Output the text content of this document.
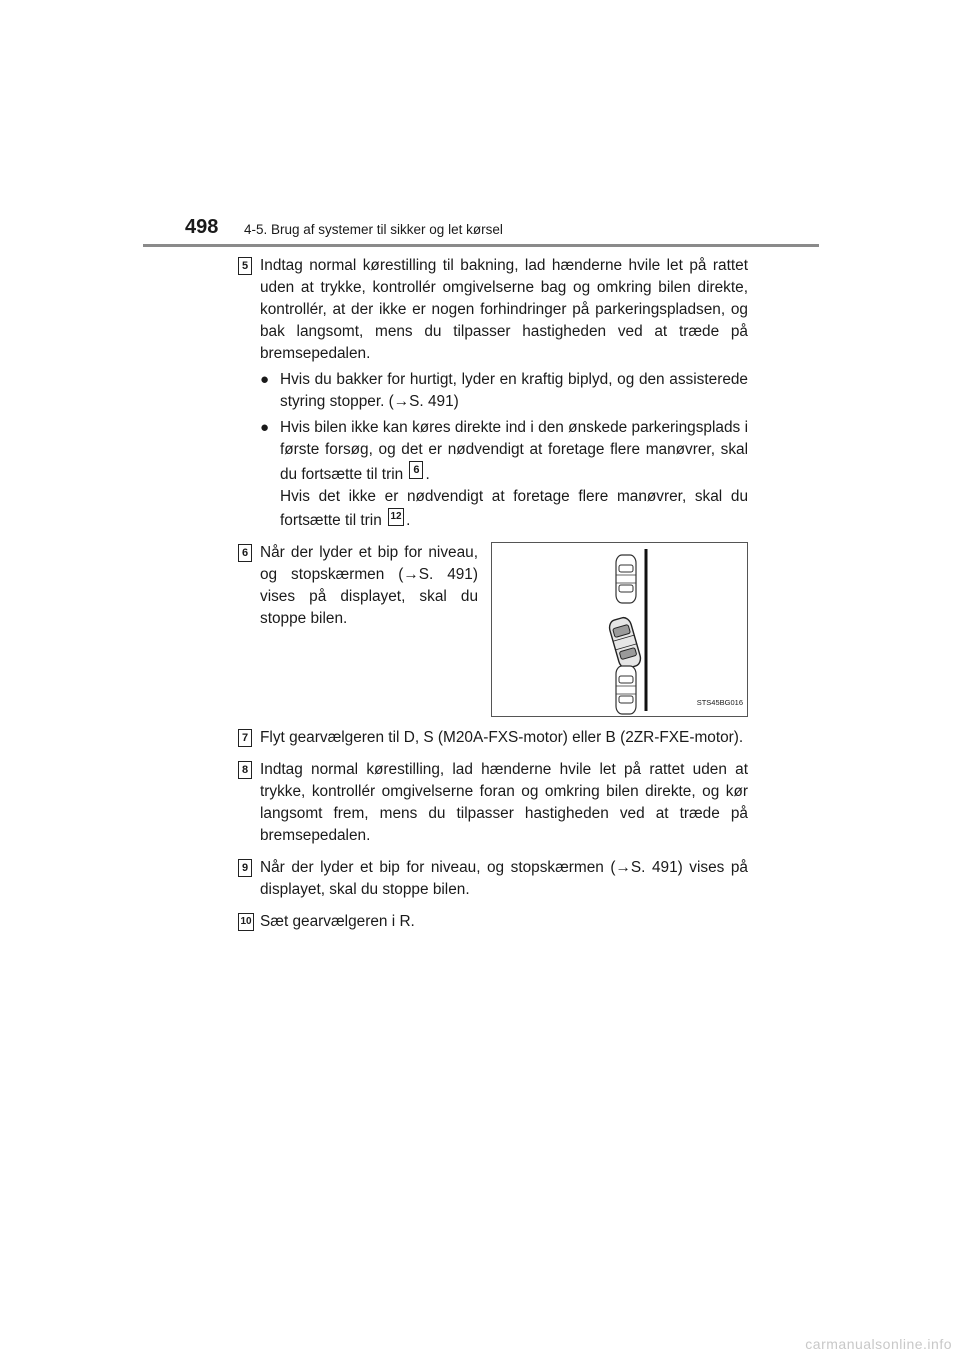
498 4-5. Brug af systemer til sikker og let kørsel
5 Indtag normal kørestilling til bakning, lad hænderne hvile let på rattet uden at trykke, kontrollér omgivelserne bag og omkring bilen direkte, kontrollér, at der ikke er nogen forhindringer på parkeringspladsen, og bak langsomt, mens du tilpasser hastigheden ved at træde på bremsepedalen.

● Hvis du bakker for hurtigt, lyder en kraftig biplyd, og den assisterede styring stopper. (→S. 491)
● Hvis bilen ikke kan køres direkte ind i den ønskede parkeringsplads i første forsøg, og det er nødvendigt at foretage flere manøvrer, skal du fortsætte til trin 6 .
Hvis det ikke er nødvendigt at foretage flere manøvrer, skal du fortsætte til trin 12 .
6 Når der lyder et bip for niveau, og stopskærmen (→S. 491) vises på displayet, skal du stoppe bilen.

STS45BG016
7 Flyt gearvælgeren til D, S (M20A-FXS-motor) eller B (2ZR-FXE-motor).

8 Indtag normal kørestilling, lad hænderne hvile let på rattet uden at trykke, kontrollér omgivelserne foran og omkring bilen direkte, og kør langsomt frem, mens du tilpasser hastigheden ved at træde på bremsepedalen.

9 Når der lyder et bip for niveau, og stopskærmen (→S. 491) vises på displayet, skal du stoppe bilen.

10 Sæt gearvælgeren i R.

carmanualsonline.info
